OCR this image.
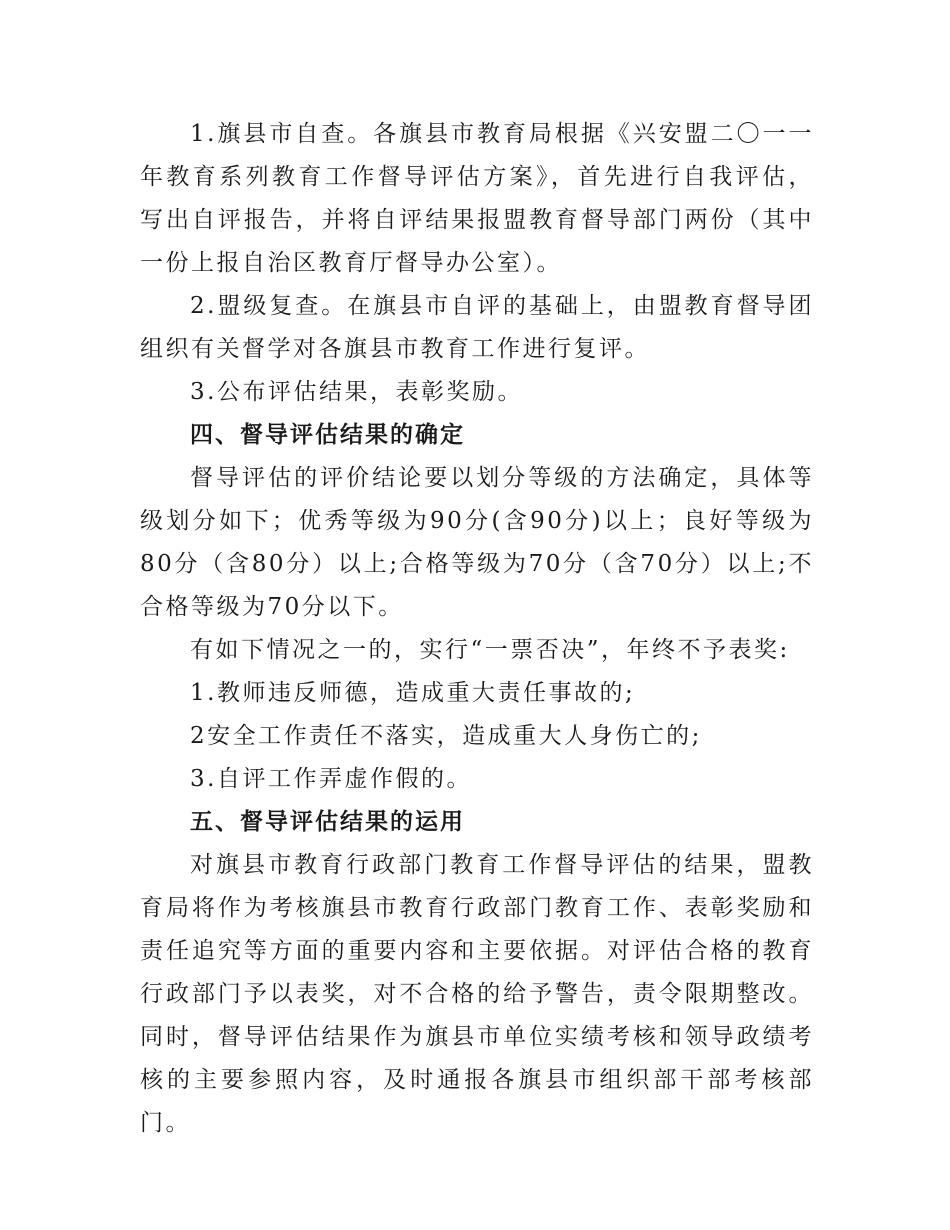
1.旗县市自查。各旗县市教育局根据《兴安盟二〇一一年教育系列教育工作督导评估方案》，首先进行自我评估，写出自评报告，并将自评结果报盟教育督导部门两份（其中一份上报自治区教育厅督导办公室）。

2.盟级复查。在旗县市自评的基础上，由盟教育督导团组织有关督学对各旗县市教育工作进行复评。

3.公布评估结果，表彰奖励。

四、督导评估结果的确定

督导评估的评价结论要以划分等级的方法确定，具体等级划分如下；优秀等级为90分(含90分)以上；良好等级为80分（含80分）以上;合格等级为70分（含70分）以上;不合格等级为70分以下。

有如下情况之一的，实行“一票否决”，年终不予表奖:

1.教师违反师德，造成重大责任事故的;

2安全工作责任不落实，造成重大人身伤亡的;

3.自评工作弄虚作假的。

五、督导评估结果的运用

对旗县市教育行政部门教育工作督导评估的结果，盟教育局将作为考核旗县市教育行政部门教育工作、表彰奖励和责任追究等方面的重要内容和主要依据。对评估合格的教育行政部门予以表奖，对不合格的给予警告，责令限期整改。同时，督导评估结果作为旗县市单位实绩考核和领导政绩考核的主要参照内容，及时通报各旗县市组织部干部考核部门。
